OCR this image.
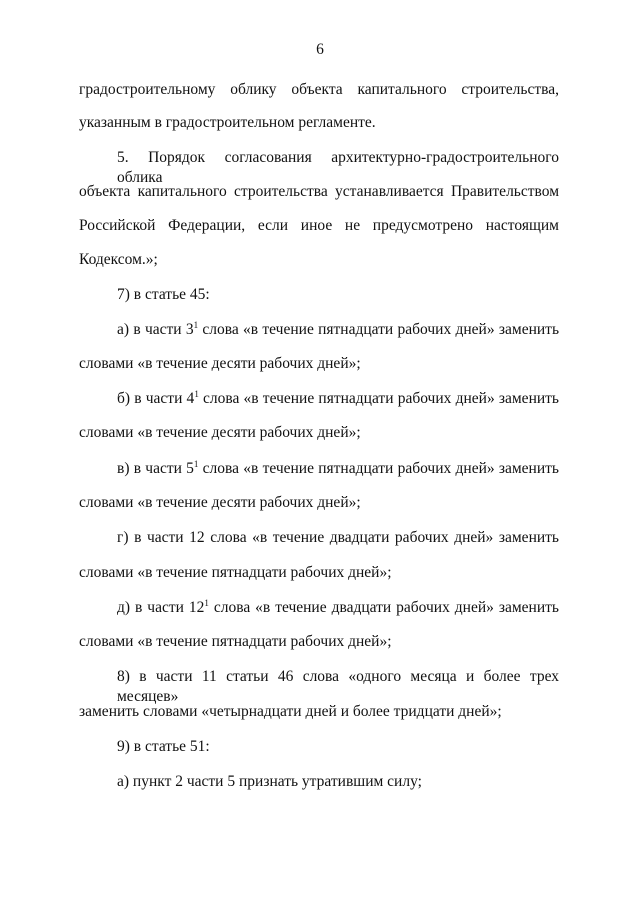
6
градостроительному облику объекта капитального строительства,
указанным в градостроительном регламенте.
5. Порядок согласования архитектурно-градостроительного облика
объекта капитального строительства устанавливается Правительством
Российской Федерации, если иное не предусмотрено настоящим
Кодексом.»;
7) в статье 45:
а) в части $3^1$ слова «в течение пятнадцати рабочих дней» заменить
словами «в течение десяти рабочих дней»;
б) в части $4^1$ слова «в течение пятнадцати рабочих дней» заменить
словами «в течение десяти рабочих дней»;
в) в части $5^1$ слова «в течение пятнадцати рабочих дней» заменить
словами «в течение десяти рабочих дней»;
г) в части 12 слова «в течение двадцати рабочих дней» заменить
словами «в течение пятнадцати рабочих дней»;
д) в части $12^1$ слова «в течение двадцати рабочих дней» заменить
словами «в течение пятнадцати рабочих дней»;
8) в части 11 статьи 46 слова «одного месяца и более трех месяцев»
заменить словами «четырнадцати дней и более тридцати дней»;
9) в статье 51:
а) пункт 2 части 5 признать утратившим силу;
